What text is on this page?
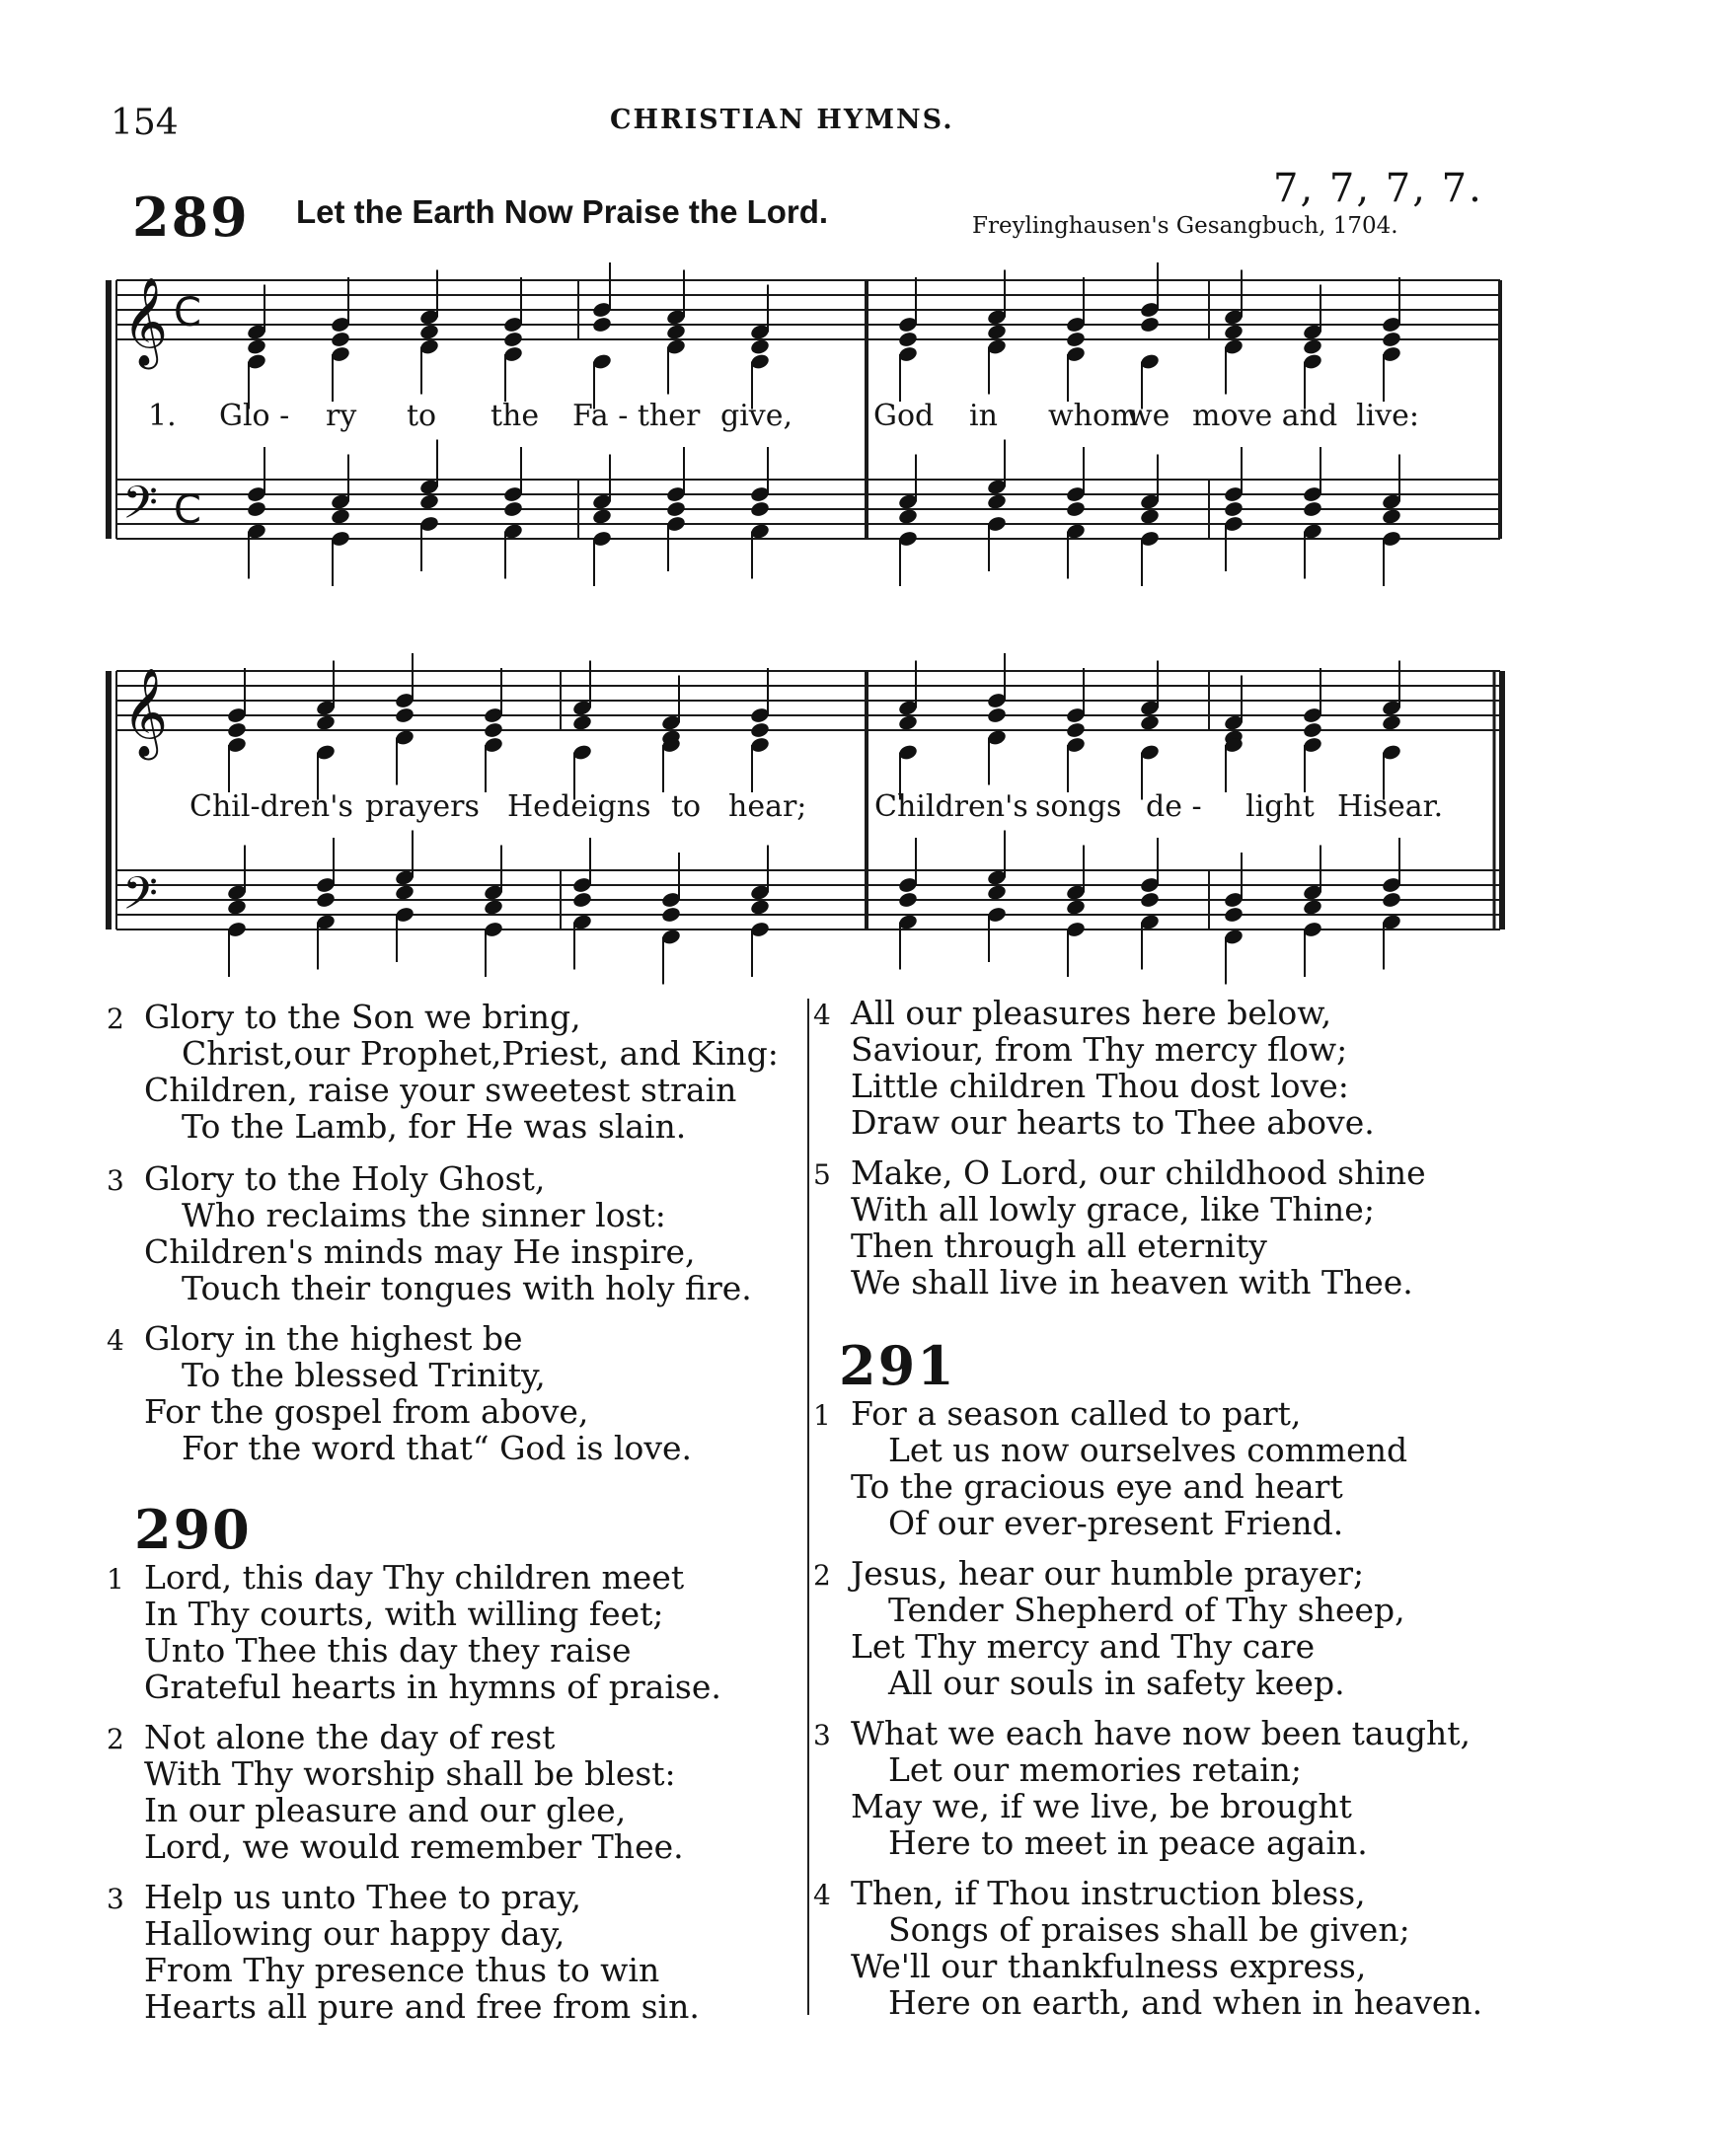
154	CHRISTIAN HYMNS.
289 Let the Earth Now Praise the Lord.
7, 7, 7, 7.
Freylinghausen's Gesangbuch, 1704.
𝄞
𝄞
𝄢
𝄢
C
C
1. Glo - ry to the Fa - ther give,	God in whom
we move and live:
Chil-dren's prayers He deigns to hear; Children's songs de - light His ear.
2 Glory to the Son we bring,
Christ,our Prophet,Priest, and King:
Children, raise your sweetest strain
To the Lamb, for He was slain.
3 Glory to the Holy Ghost,
Who reclaims the sinner lost:
Children's minds may He inspire,
Touch their tongues with holy fire.
4 Glory in the highest be
To the blessed Trinity,
For the gospel from above,
For the word that“ God is love.
290
1 Lord, this day Thy children meet
In Thy courts, with willing feet;
Unto Thee this day they raise
Grateful hearts in hymns of praise.
2 Not alone the day of rest
With Thy worship shall be blest:
In our pleasure and our glee,
Lord, we would remember Thee.
3 Help us unto Thee to pray,
Hallowing our happy day,
From Thy presence thus to win
Hearts all pure and free from sin.
4 All our pleasures here below,
Saviour, from Thy mercy flow;
Little children Thou dost love:
Draw our hearts to Thee above.
5 Make, O Lord, our childhood shine
With all lowly grace, like Thine;
Then through all eternity
We shall live in heaven with Thee.
291
1 For a season called to part,
Let us now ourselves commend
To the gracious eye and heart
Of our ever-present Friend.
2 Jesus, hear our humble prayer;
Tender Shepherd of Thy sheep,
Let Thy mercy and Thy care
All our souls in safety keep.
3 What we each have now been taught,
Let our memories retain;
May we, if we live, be brought
Here to meet in peace again.
4 Then, if Thou instruction bless,
Songs of praises shall be given;
We'll our thankfulness express,
Here on earth, and when in heaven.
